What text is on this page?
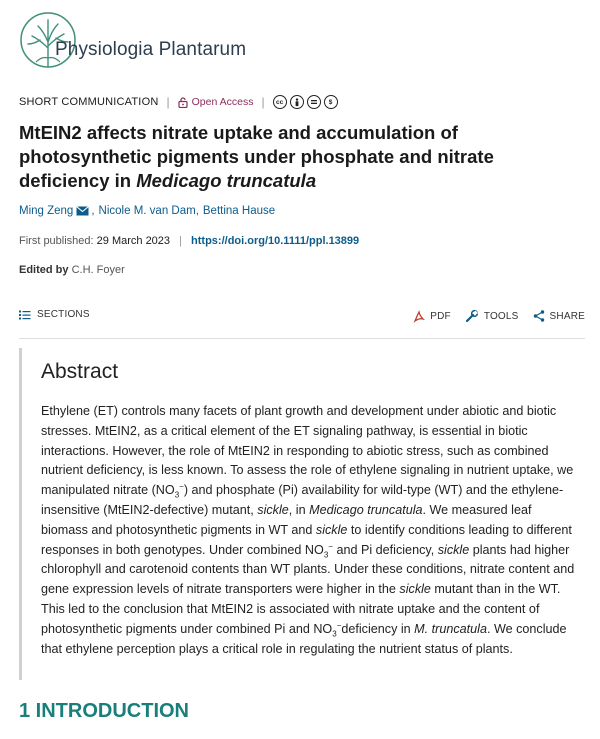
Physiologia Plantarum
SHORT COMMUNICATION | Open Access |	cc	$
MtEIN2 affects nitrate uptake and accumulation of
photosynthetic pigments under phosphate and nitrate
deficiency in Medicago truncatula
Ming Zeng , Nicole M. van Dam , Bettina Hause
First published: 29 March 2023 | https://doi.org/10.1111/ppl.13899
Edited by C.H. Foyer
SECTIONS	PDF	TOOLS	SHARE
Abstract

Ethylene (ET) controls many facets of plant growth and development under abiotic and biotic stresses. MtEIN2, as a critical element of the ET signaling pathway, is essential in biotic interactions. However, the role of MtEIN2 in responding to abiotic stress, such as combined nutrient deficiency, is less known. To assess the role of ethylene signaling in nutrient uptake, we manipulated nitrate $(NO_3^-)$ and phosphate (Pi) availability for wild-type (WT) and the ethylene-insensitive (MtEIN2-defective) mutant, sickle, in Medicago truncatula. We measured leaf biomass and photosynthetic pigments in WT and sickle to identify conditions leading to different responses in both genotypes. Under combined $NO_3^-$ and Pi deficiency, sickle plants had higher chlorophyll and carotenoid contents than WT plants. Under these conditions, nitrate content and gene expression levels of nitrate transporters were higher in the sickle mutant than in the WT. This led to the conclusion that MtEIN2 is associated with nitrate uptake and the content of photosynthetic pigments under combined Pi and $NO_3^-deficiency$ in M. truncatula. We conclude that ethylene perception plays a critical role in regulating the nutrient status of plants.

1 INTRODUCTION
